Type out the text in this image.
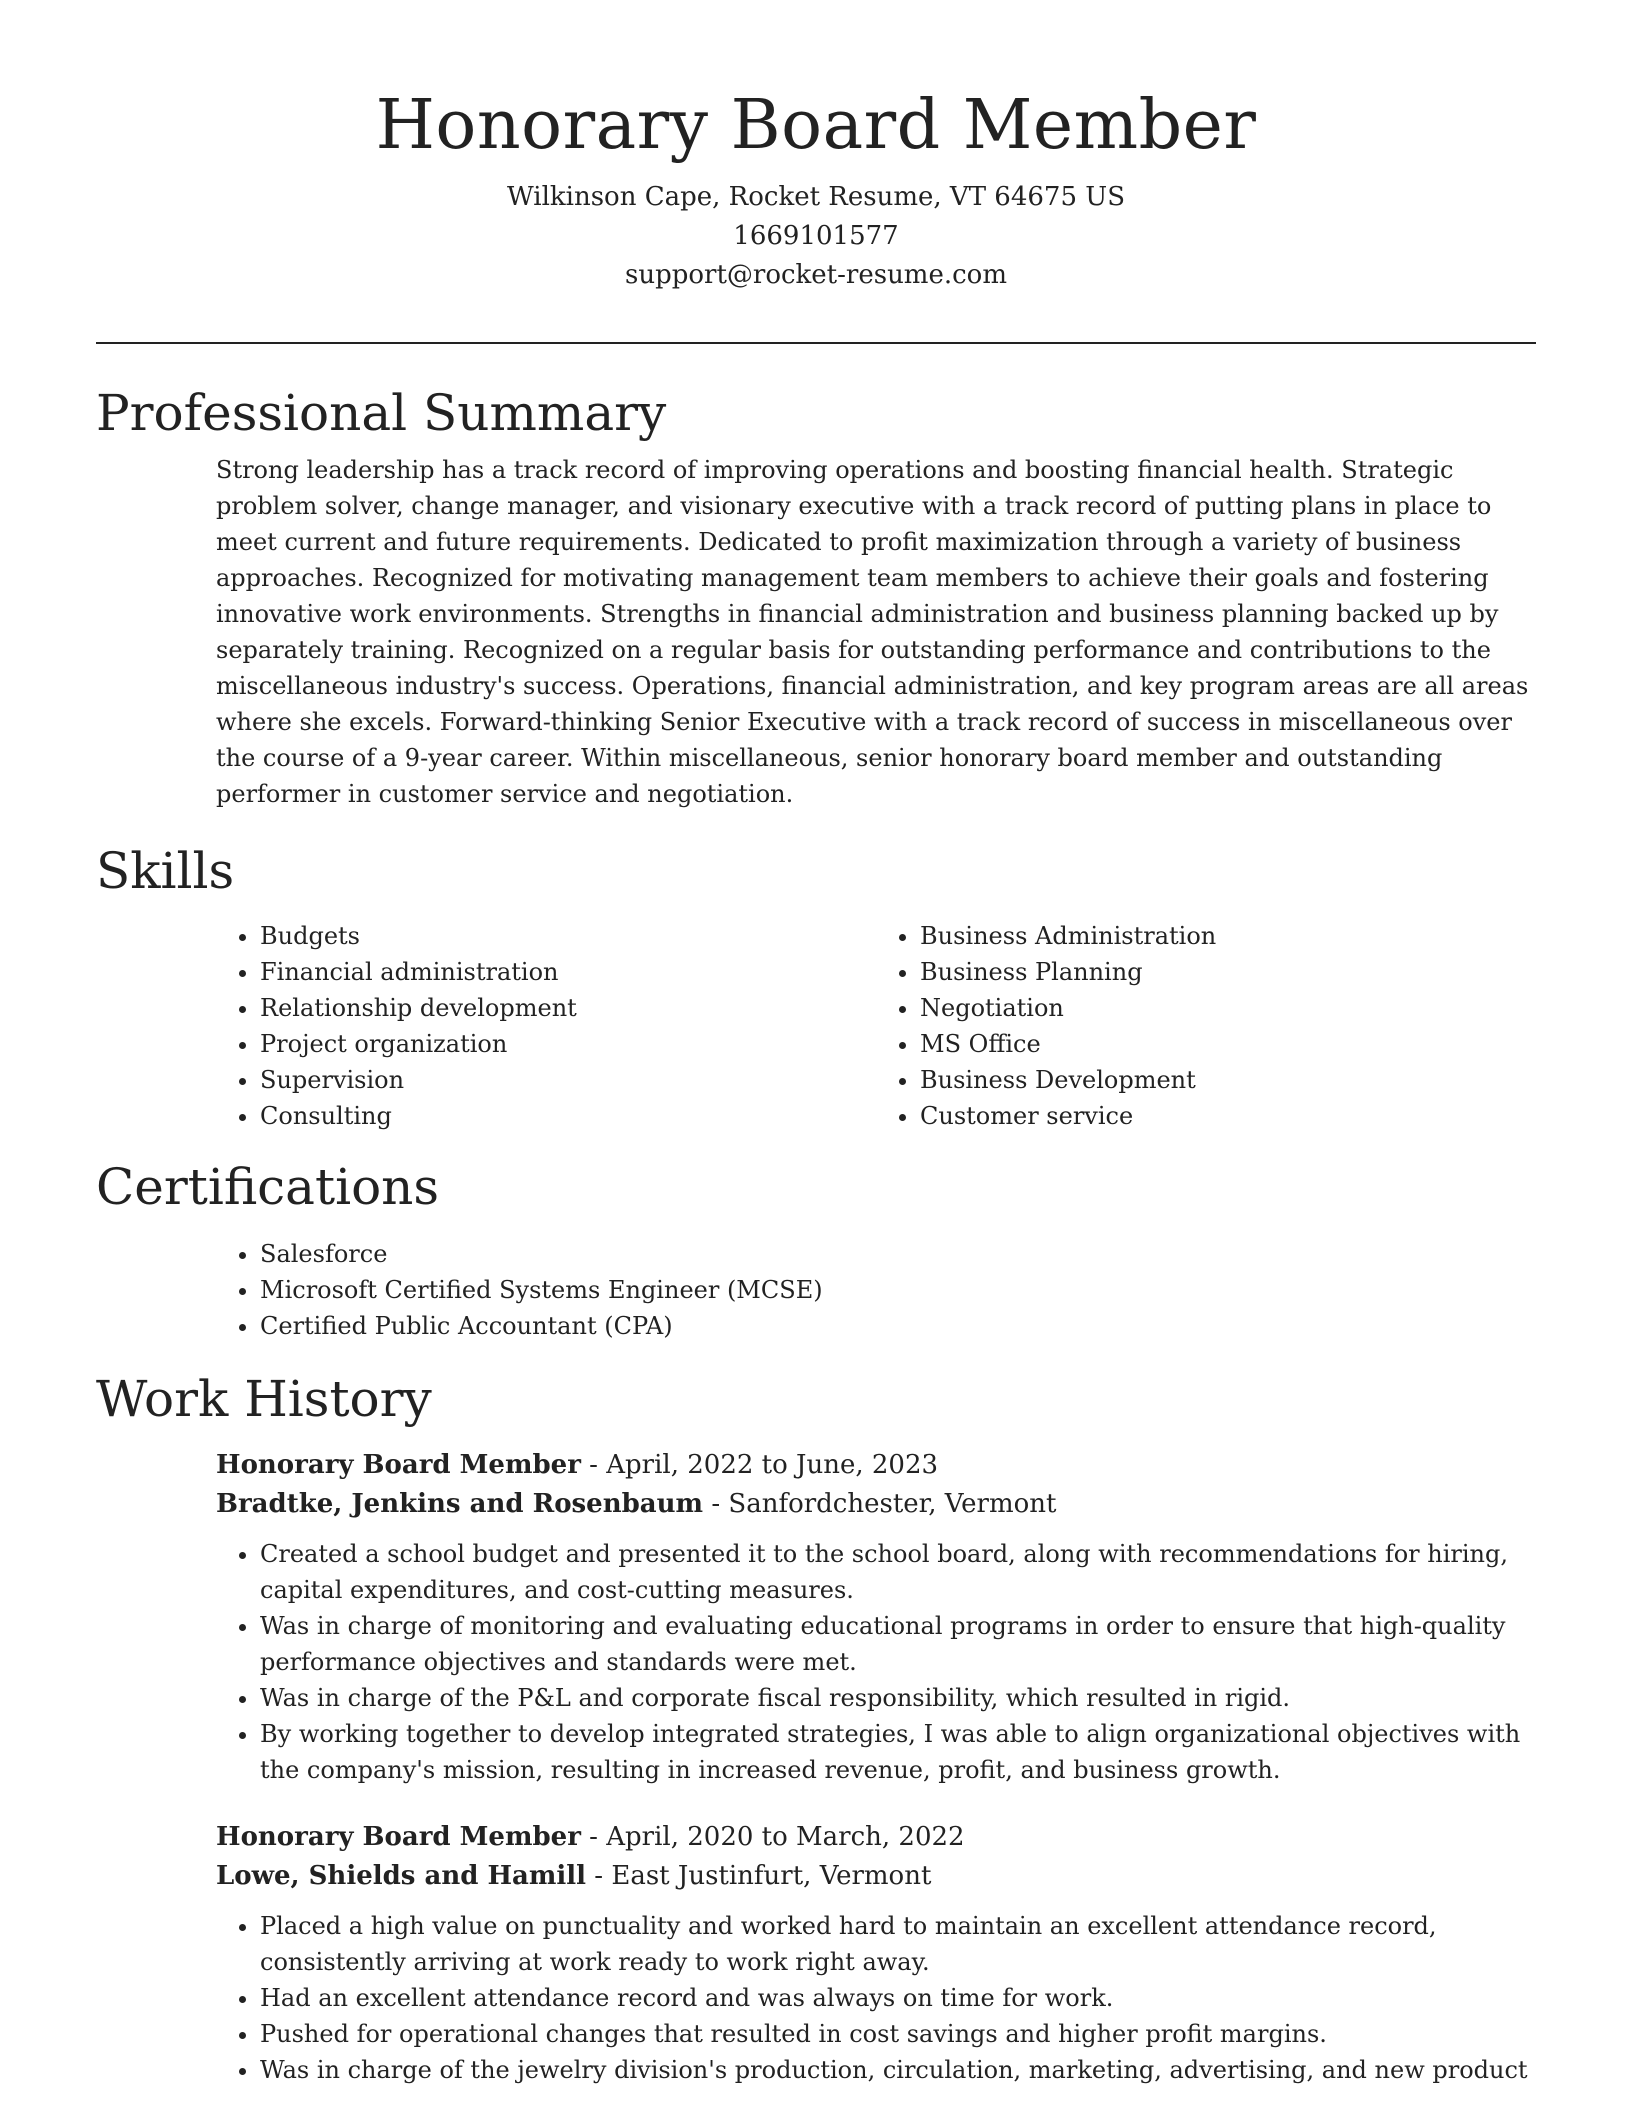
Honorary Board Member
Wilkinson Cape, Rocket Resume, VT 64675 US
1669101577
support@rocket-resume.com
Professional Summary

Strong leadership has a track record of improving operations and boosting financial health. Strategic problem solver, change manager, and visionary executive with a track record of putting plans in place to meet current and future requirements. Dedicated to profit maximization through a variety of business approaches. Recognized for motivating management team members to achieve their goals and fostering innovative work environments. Strengths in financial administration and business planning backed up by separately training. Recognized on a regular basis for outstanding performance and contributions to the miscellaneous industry's success. Operations, financial administration, and key program areas are all areas where she excels. Forward-thinking Senior Executive with a track record of success in miscellaneous over the course of a 9-year career. Within miscellaneous, senior honorary board member and outstanding performer in customer service and negotiation.

Skills
• Budgets
• Financial administration
• Relationship development
• Project organization
• Supervision
• Consulting
• Business Administration
• Business Planning
• Negotiation
• MS Office
• Business Development
• Customer service
Certifications
• Salesforce
• Microsoft Certified Systems Engineer (MCSE)
• Certified Public Accountant (CPA)
Work History
Honorary Board Member - April, 2022 to June, 2023
Bradtke, Jenkins and Rosenbaum - Sanfordchester, Vermont
• Created a school budget and presented it to the school board, along with recommendations for hiring, capital expenditures, and cost-cutting measures.
• Was in charge of monitoring and evaluating educational programs in order to ensure that high-quality performance objectives and standards were met.
• Was in charge of the P&L and corporate fiscal responsibility, which resulted in rigid.
• By working together to develop integrated strategies, I was able to align organizational objectives with the company's mission, resulting in increased revenue, profit, and business growth.
Honorary Board Member - April, 2020 to March, 2022
Lowe, Shields and Hamill - East Justinfurt, Vermont
• Placed a high value on punctuality and worked hard to maintain an excellent attendance record, consistently arriving at work ready to work right away.
• Had an excellent attendance record and was always on time for work.
• Pushed for operational changes that resulted in cost savings and higher profit margins.
• Was in charge of the jewelry division's production, circulation, marketing, advertising, and new product
